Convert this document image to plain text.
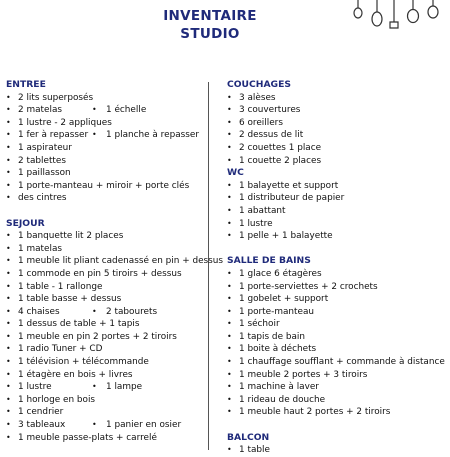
INVENTAIRE
STUDIO
ENTREE
• 2 lits superposés
• 2 matelas	• 1 échelle
• 1 lustre - 2 appliques
• 1 fer à repasser • 1 planche à repasser
• 1 aspirateur
• 2 tablettes
• 1 paillasson
• 1 porte-manteau + miroir + porte clés
• des cintres
SEJOUR
• 1 banquette lit 2 places
• 1 matelas
• 1 meuble lit pliant cadenassé en pin + dessus
• 1 commode en pin 5 tiroirs + dessus
• 1 table - 1 rallonge
• 1 table basse + dessus
• 4 chaises	• 2 tabourets
• 1 dessus de table + 1 tapis
• 1 meuble en pin 2 portes + 2 tiroirs
• 1 radio Tuner + CD
• 1 télévision + télécommande
• 1 étagère en bois + livres
• 1 lustre	• 1 lampe
• 1 horloge en bois
• 1 cendrier
• 3 tableaux	• 1 panier en osier
• 1 meuble passe-plats + carrelé
COUCHAGES
• 3 alèses
• 3 couvertures
• 6 oreillers
• 2 dessus de lit
• 2 couettes 1 place
• 1 couette 2 places
WC
• 1 balayette et support
• 1 distributeur de papier
• 1 abattant
• 1 lustre
• 1 pelle + 1 balayette
SALLE DE BAINS
• 1 glace 6 étagères
• 1 porte-serviettes + 2 crochets
• 1 gobelet + support
• 1 porte-manteau
• 1 séchoir
• 1 tapis de bain
• 1 boite à déchets
• 1 chauffage soufflant + commande à distance
• 1 meuble 2 portes + 3 tiroirs
• 1 machine à laver
• 1 rideau de douche
• 1 meuble haut 2 portes + 2 tiroirs
BALCON
• 1 table
